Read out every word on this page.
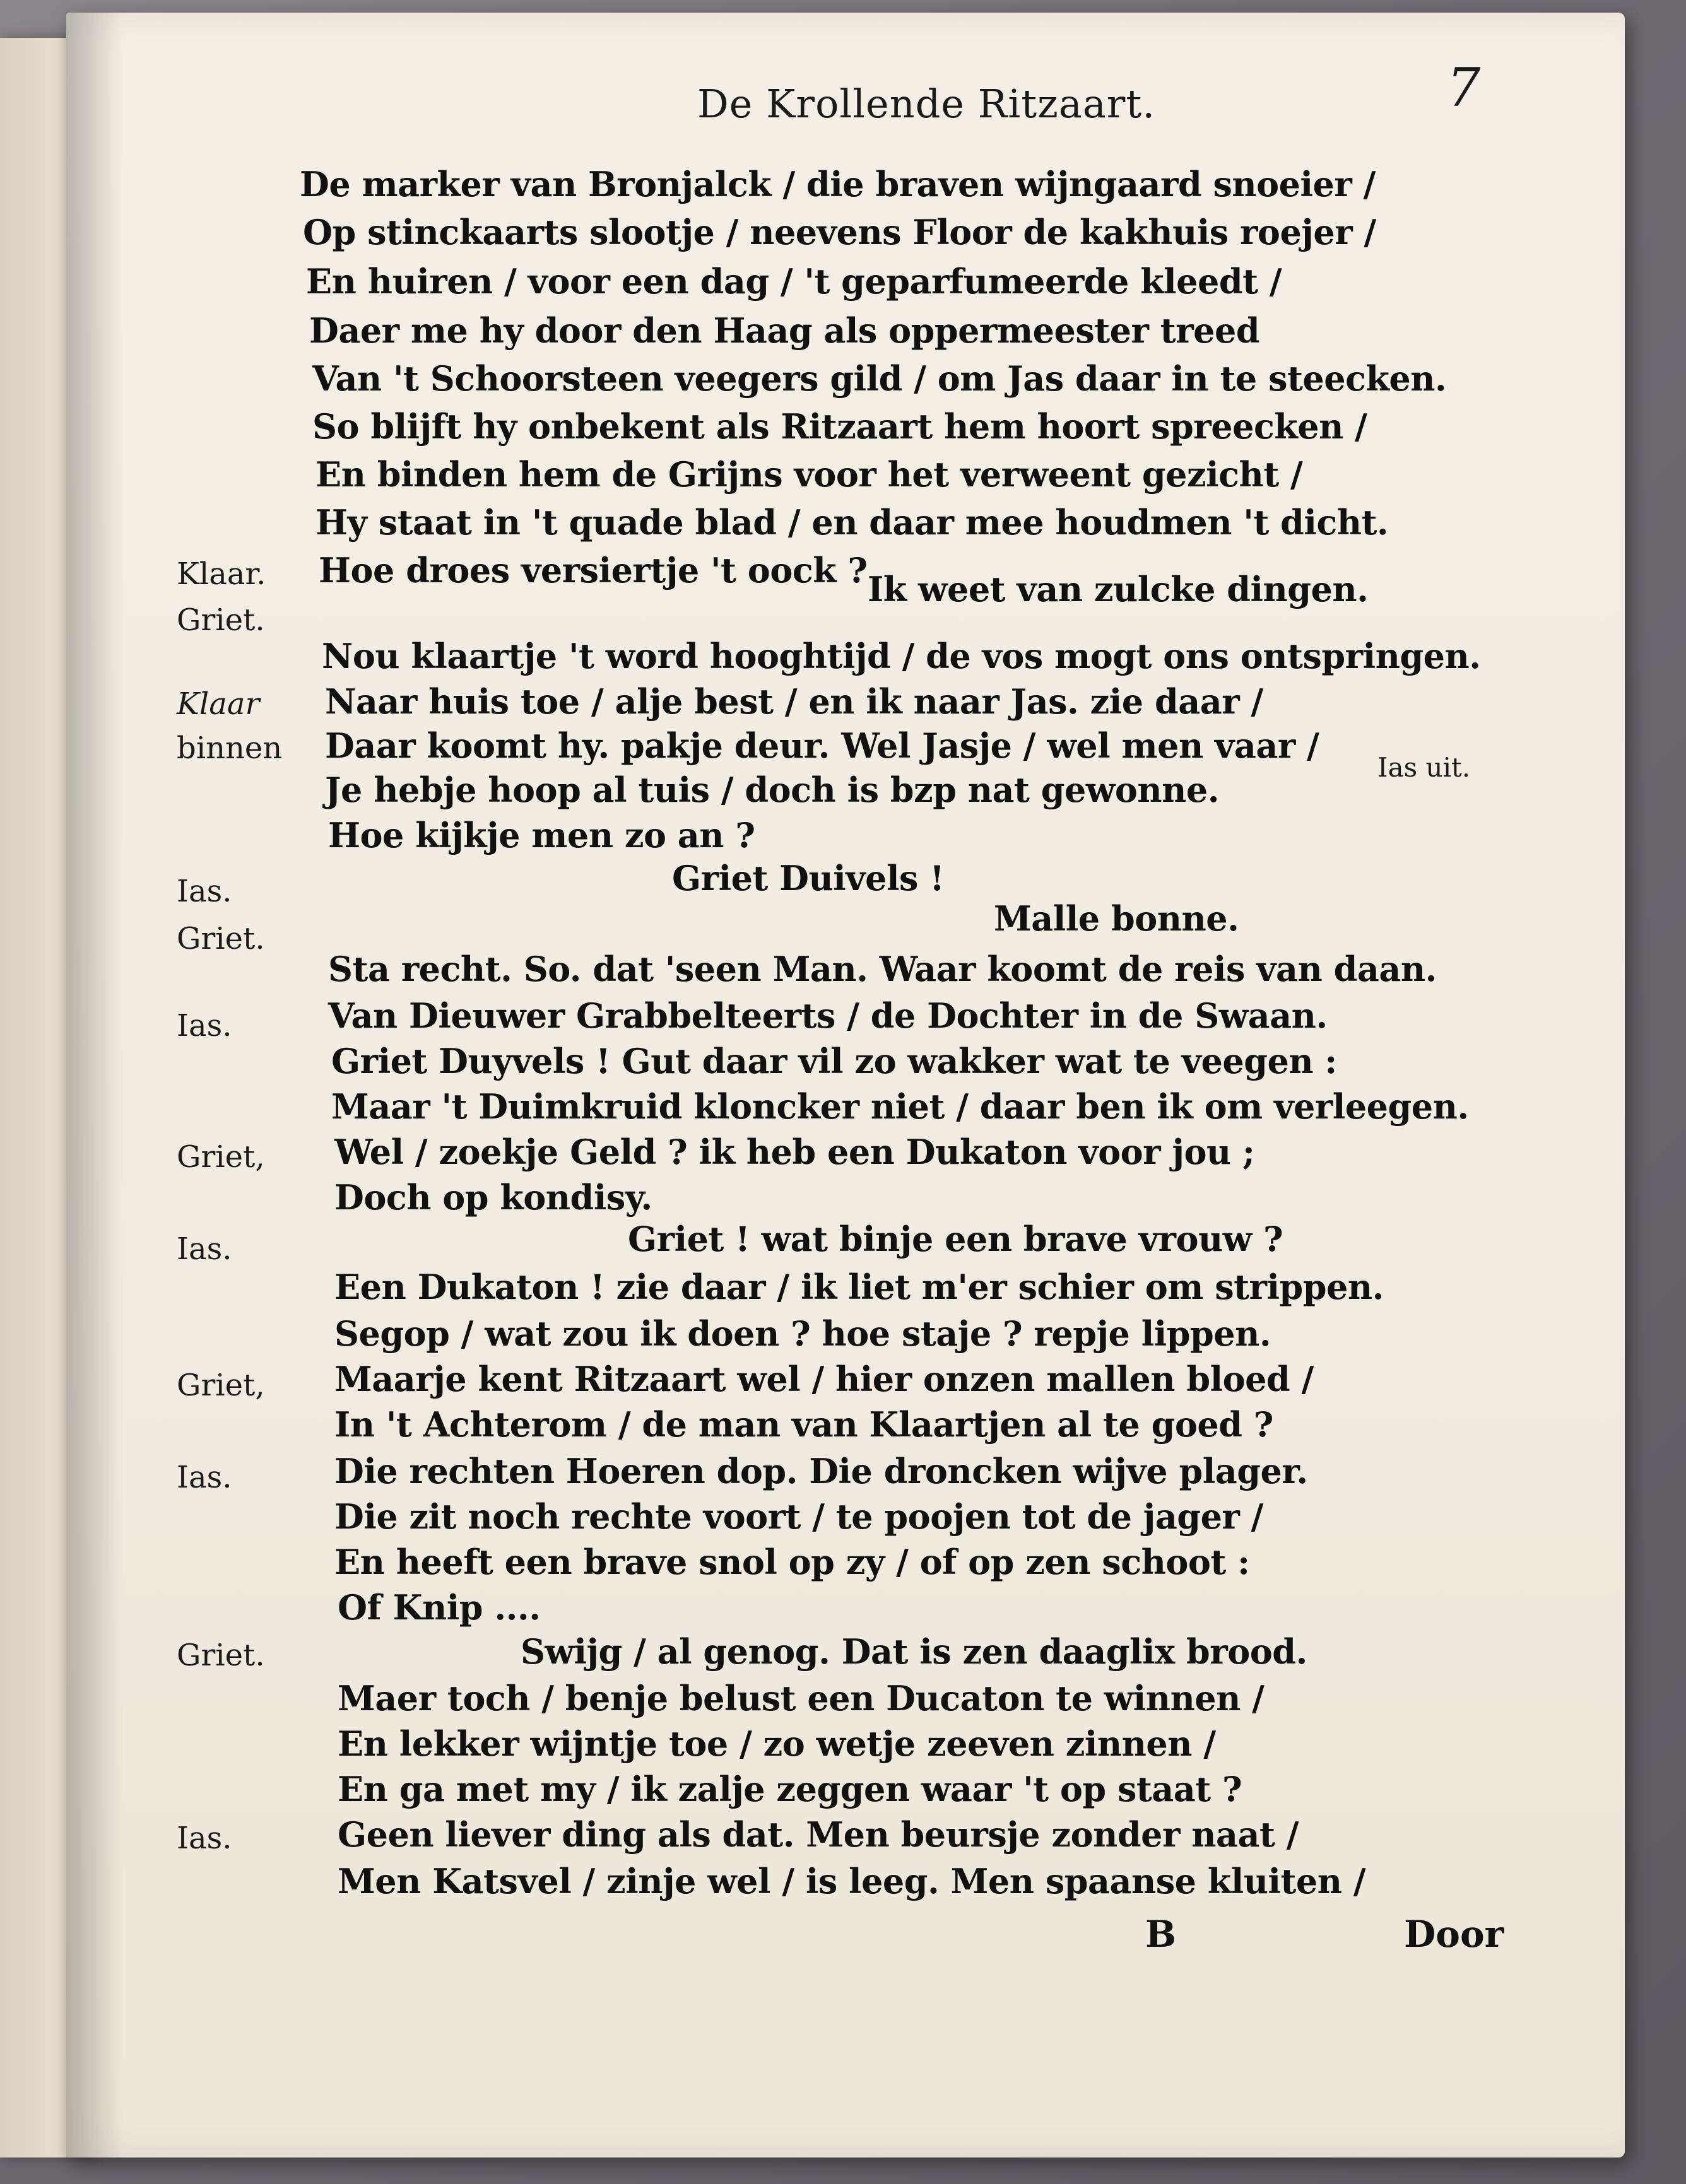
De Krollende Ritzaart.	7
De marker van Bronjalck / die braven wijngaard snoeier /
Op stinckaarts slootje / neevens Floor de kakhuis roejer /
En huiren / voor een dag / 't geparfumeerde kleedt /
Daer me hy door den Haag als oppermeester treed
Van 't Schoorsteen veegers gild / om Jas daar in te steecken.
So blijft hy onbekent als Ritzaart hem hoort spreecken /
En binden hem de Grijns voor het verweent gezicht /
Hy staat in 't quade blad / en daar mee houdmen 't dicht.
Klaar. Hoe droes versiertje 't oock ?
Griet.
Ik weet van zulcke dingen.
Nou klaartje 't word hooghtijd / de vos mogt ons ontspringen.
Klaar Naar huis toe / alje best / en ik naar Jas. zie daar /
binnen Daar koomt hy. pakje deur. Wel Jasje / wel men vaar /
Je hebje hoop al tuis / doch is bzp nat gewonne.
Ias uit.
Hoe kijkje men zo an ?
Ias.	Griet Duivels !
Griet.	Malle bonne.
Sta recht. So. dat 'seen Man. Waar koomt de reis van daan.
Ias.	Van Dieuwer Grabbelteerts / de Dochter in de Swaan.
Griet Duyvels ! Gut daar vil zo wakker wat te veegen :
Maar 't Duimkruid kloncker niet / daar ben ik om verleegen.
Griet, Wel / zoekje Geld ? ik heb een Dukaton voor jou ;
Doch op kondisy.
Ias.	Griet ! wat binje een brave vrouw ?
Een Dukaton ! zie daar / ik liet m'er schier om strippen.
Segop / wat zou ik doen ? hoe staje ? repje lippen.
Griet, Maarje kent Ritzaart wel / hier onzen mallen bloed /
In 't Achterom / de man van Klaartjen al te goed ?
Ias.	Die rechten Hoeren dop. Die droncken wijve plager.
Die zit noch rechte voort / te poojen tot de jager /
En heeft een brave snol op zy / of op zen schoot :
Of Knip ....
Griet.	Swijg / al genog. Dat is zen daaglix brood.
Maer toch / benje belust een Ducaton te winnen /
En lekker wijntje toe / zo wetje zeeven zinnen /
En ga met my / ik zalje zeggen waar 't op staat ?
Ias.	Geen liever ding als dat. Men beursje zonder naat /
Men Katsvel / zinje wel / is leeg. Men spaanse kluiten /
B	Door
